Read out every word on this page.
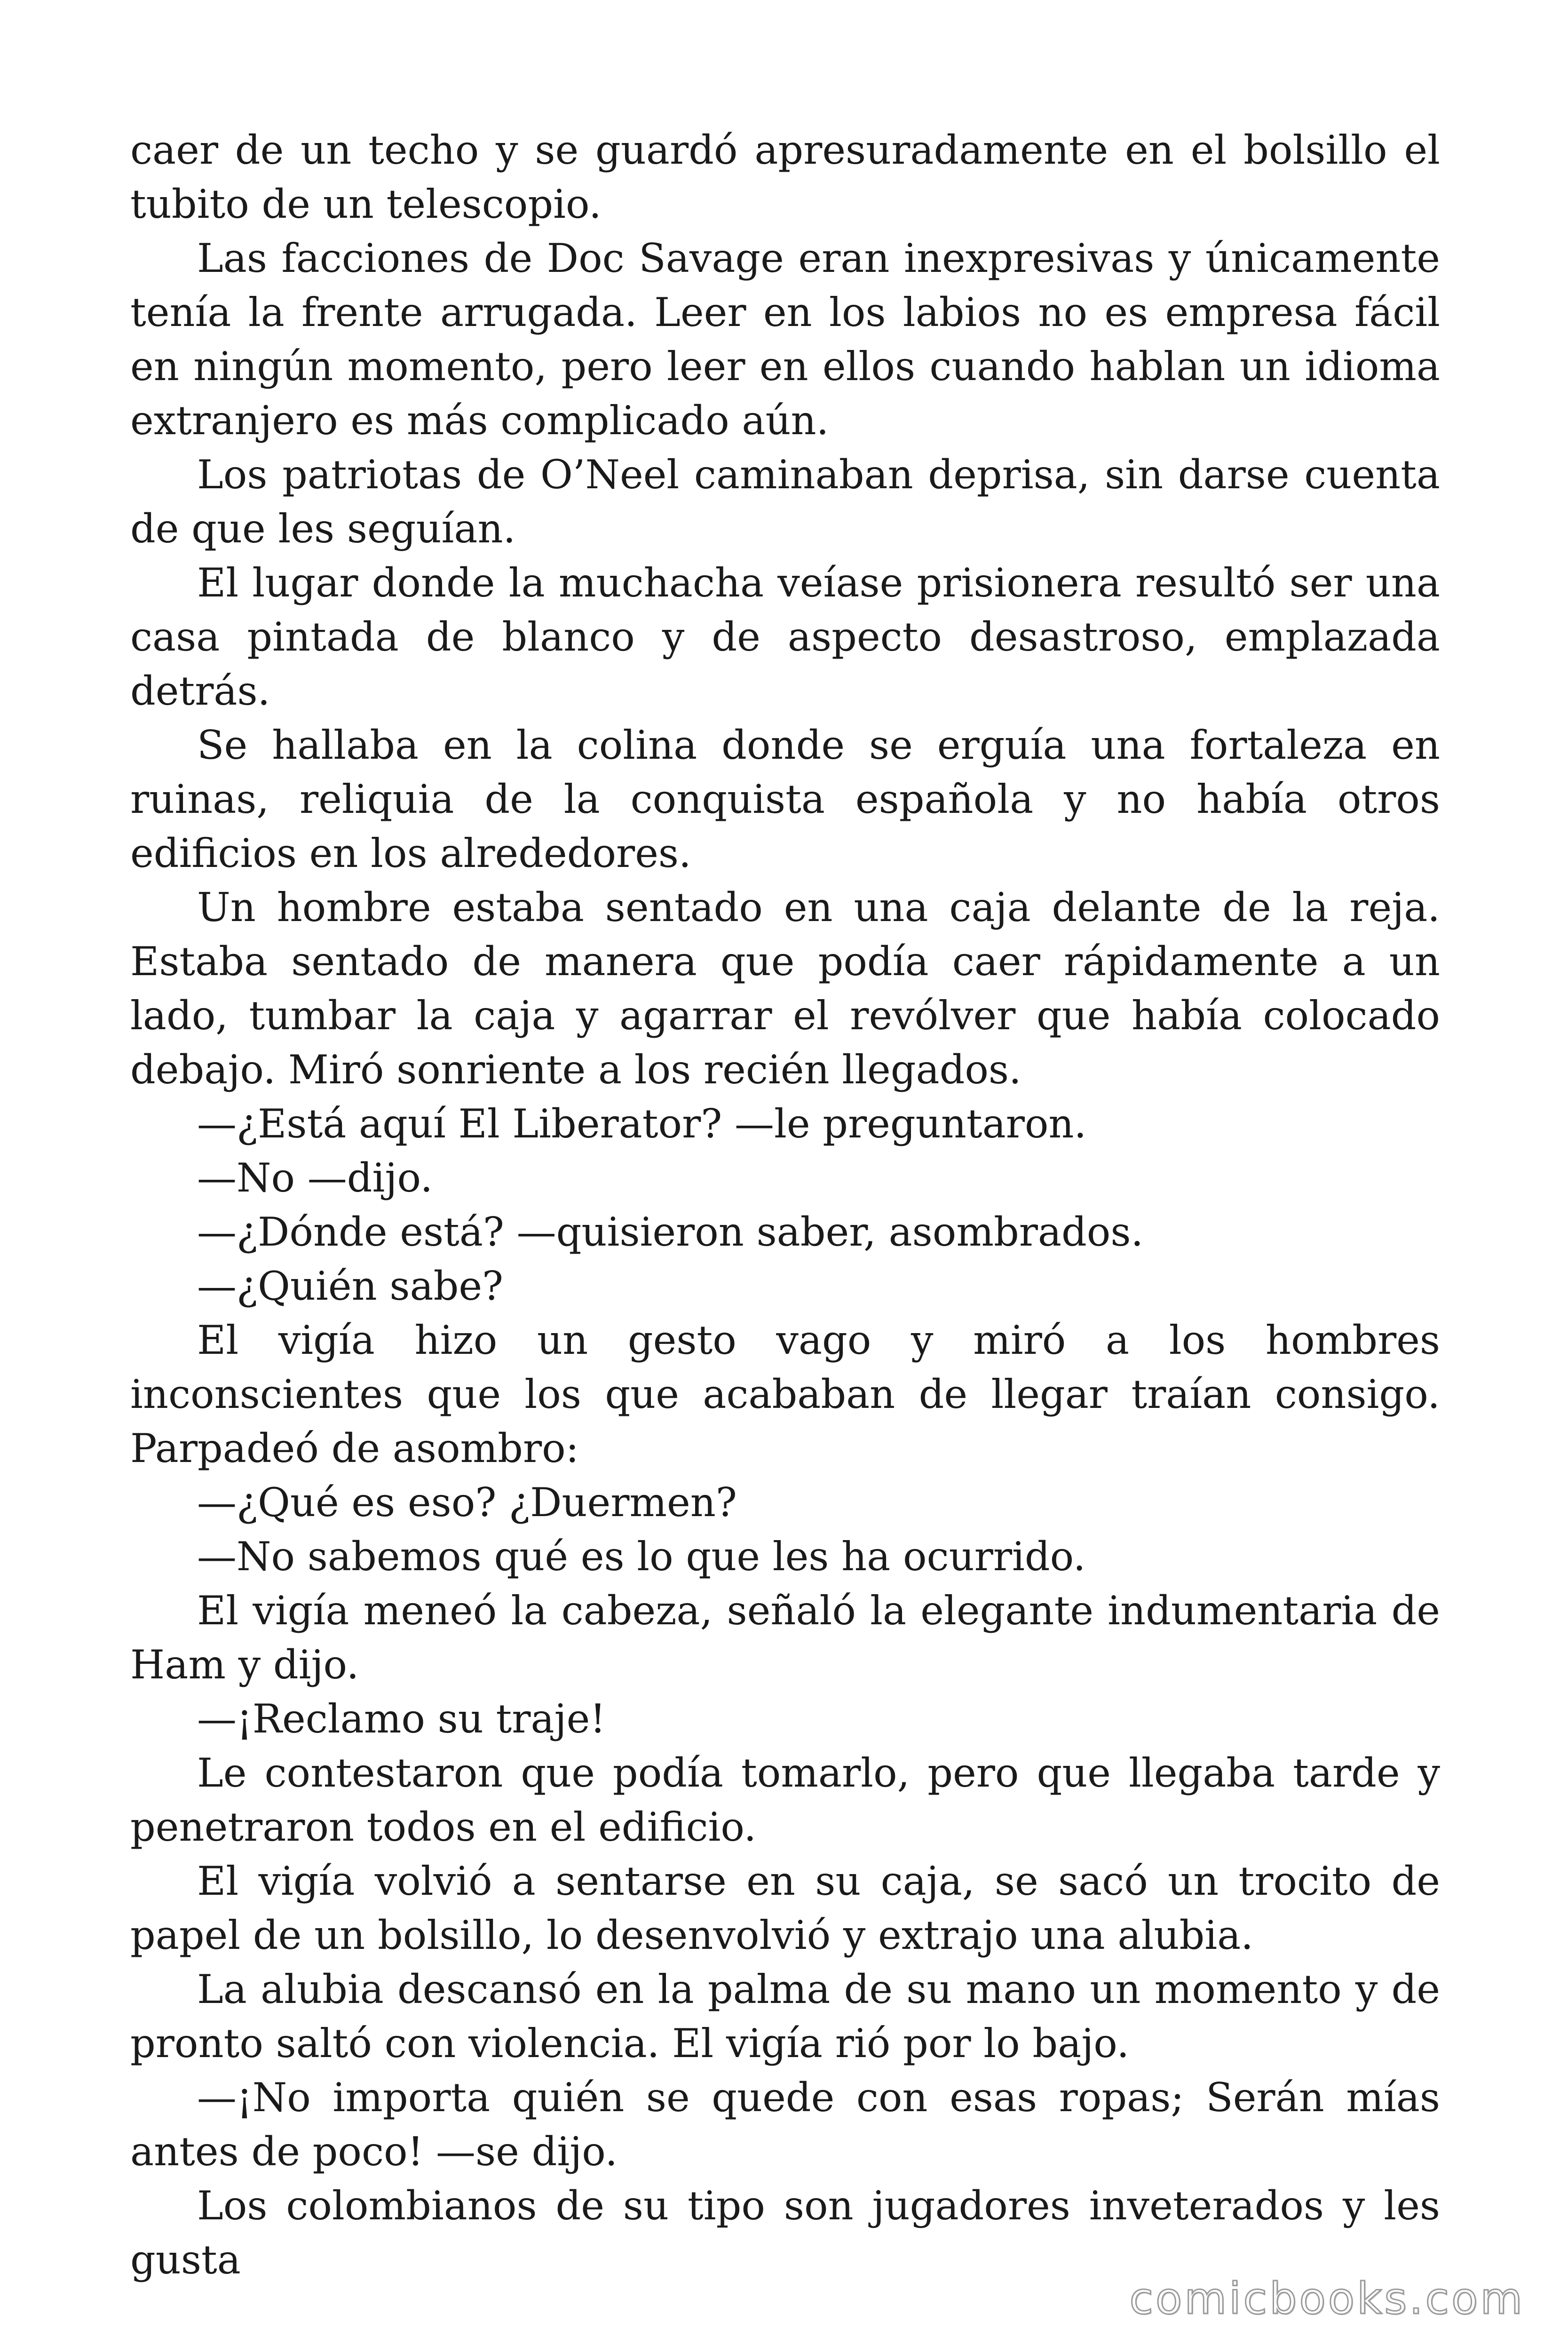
caer de un techo y se guardó apresuradamente en el bolsillo el tubito de un telescopio.

Las facciones de Doc Savage eran inexpresivas y únicamente tenía la frente arrugada. Leer en los labios no es empresa fácil en ningún momento, pero leer en ellos cuando hablan un idioma extranjero es más complicado aún.

Los patriotas de O’Neel caminaban deprisa, sin darse cuenta de que les seguían.

El lugar donde la muchacha veíase prisionera resultó ser una casa pintada de blanco y de aspecto desastroso, emplazada detrás.

Se hallaba en la colina donde se erguía una fortaleza en ruinas, reliquia de la conquista española y no había otros edificios en los alrededores.

Un hombre estaba sentado en una caja delante de la reja. Estaba sentado de manera que podía caer rápidamente a un lado, tumbar la caja y agarrar el revólver que había colocado debajo. Miró sonriente a los recién llegados.

—¿Está aquí El Liberator? —le preguntaron.

—No —dijo.

—¿Dónde está? —quisieron saber, asombrados.

—¿Quién sabe?

El vigía hizo un gesto vago y miró a los hombres inconscientes que los que acababan de llegar traían consigo. Parpadeó de asombro:

—¿Qué es eso? ¿Duermen?

—No sabemos qué es lo que les ha ocurrido.

El vigía meneó la cabeza, señaló la elegante indumentaria de Ham y dijo.

—¡Reclamo su traje!

Le contestaron que podía tomarlo, pero que llegaba tarde y penetraron todos en el edificio.

El vigía volvió a sentarse en su caja, se sacó un trocito de papel de un bolsillo, lo desenvolvió y extrajo una alubia.

La alubia descansó en la palma de su mano un momento y de pronto saltó con violencia. El vigía rió por lo bajo.

—¡No importa quién se quede con esas ropas; Serán mías antes de poco! —se dijo.

Los colombianos de su tipo son jugadores inveterados y les gusta

comicbooks.com
